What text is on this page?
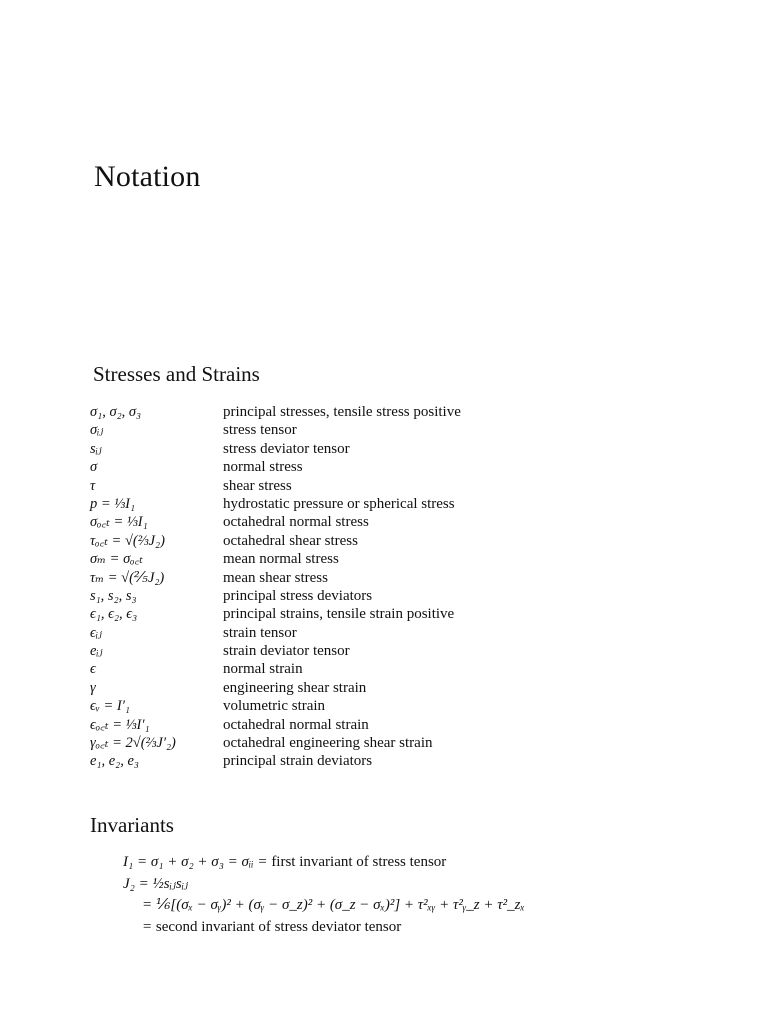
Notation
Stresses and Strains
σ₁, σ₂, σ₃	principal stresses, tensile stress positive
σᵢⱼ	stress tensor
sᵢⱼ	stress deviator tensor
σ	normal stress
τ	shear stress
p = ⅓I₁	hydrostatic pressure or spherical stress
σₒ꜀ₜ = ⅓I₁	octahedral normal stress
τₒ꜀ₜ = √(⅔J₂)	octahedral shear stress
σₘ = σₒ꜀ₜ	mean normal stress
τₘ = √(⅖J₂)	mean shear stress
s₁, s₂, s₃	principal stress deviators
ϵ₁, ϵ₂, ϵ₃	principal strains, tensile strain positive
ϵᵢⱼ	strain tensor
eᵢⱼ	strain deviator tensor
ϵ	normal strain
γ	engineering shear strain
ϵᵥ = I′₁	volumetric strain
ϵₒ꜀ₜ = ⅓I′₁	octahedral normal strain
γₒ꜀ₜ = 2√(⅔J′₂)	octahedral engineering shear strain
e₁, e₂, e₃	principal strain deviators
Invariants
I₁ = σ₁ + σ₂ + σ₃ = σᵢᵢ = first invariant of stress tensor
J₂ = ½sᵢⱼsᵢⱼ
= ⅙[(σₓ − σᵧ)² + (σᵧ − σ_z)² + (σ_z − σₓ)²] + τ²ₓᵧ + τ²ᵧ_z + τ²_zₓ
= second invariant of stress deviator tensor
